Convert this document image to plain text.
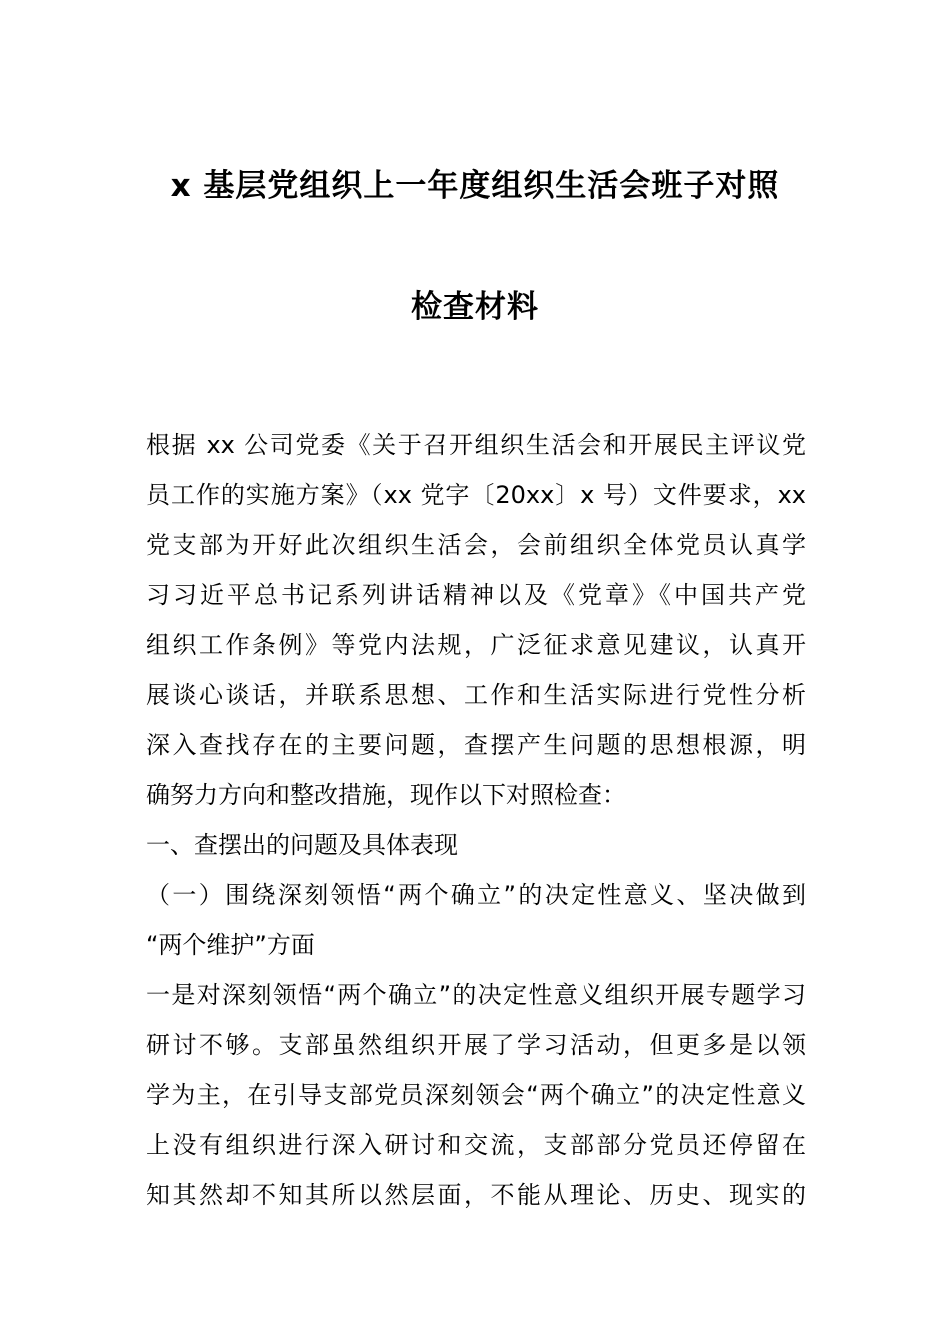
x 基层党组织上一年度组织生活会班子对照
检查材料

根据 xx 公司党委《关于召开组织生活会和开展民主评议党

员工作的实施方案》（xx 党字〔20xx〕x 号）文件要求，xx

党支部为开好此次组织生活会，会前组织全体党员认真学

习习近平总书记系列讲话精神以及《党章》《中国共产党

组织工作条例》等党内法规，广泛征求意见建议，认真开

展谈心谈话，并联系思想、工作和生活实际进行党性分析

深入查找存在的主要问题，查摆产生问题的思想根源，明

确努力方向和整改措施，现作以下对照检查：

一、查摆出的问题及具体表现

（一）围绕深刻领悟“两个确立”的决定性意义、坚决做到

“两个维护”方面

一是对深刻领悟“两个确立”的决定性意义组织开展专题学习

研讨不够。支部虽然组织开展了学习活动，但更多是以领

学为主，在引导支部党员深刻领会“两个确立”的决定性意义

上没有组织进行深入研讨和交流，支部部分党员还停留在

知其然却不知其所以然层面，不能从理论、历史、现实的
